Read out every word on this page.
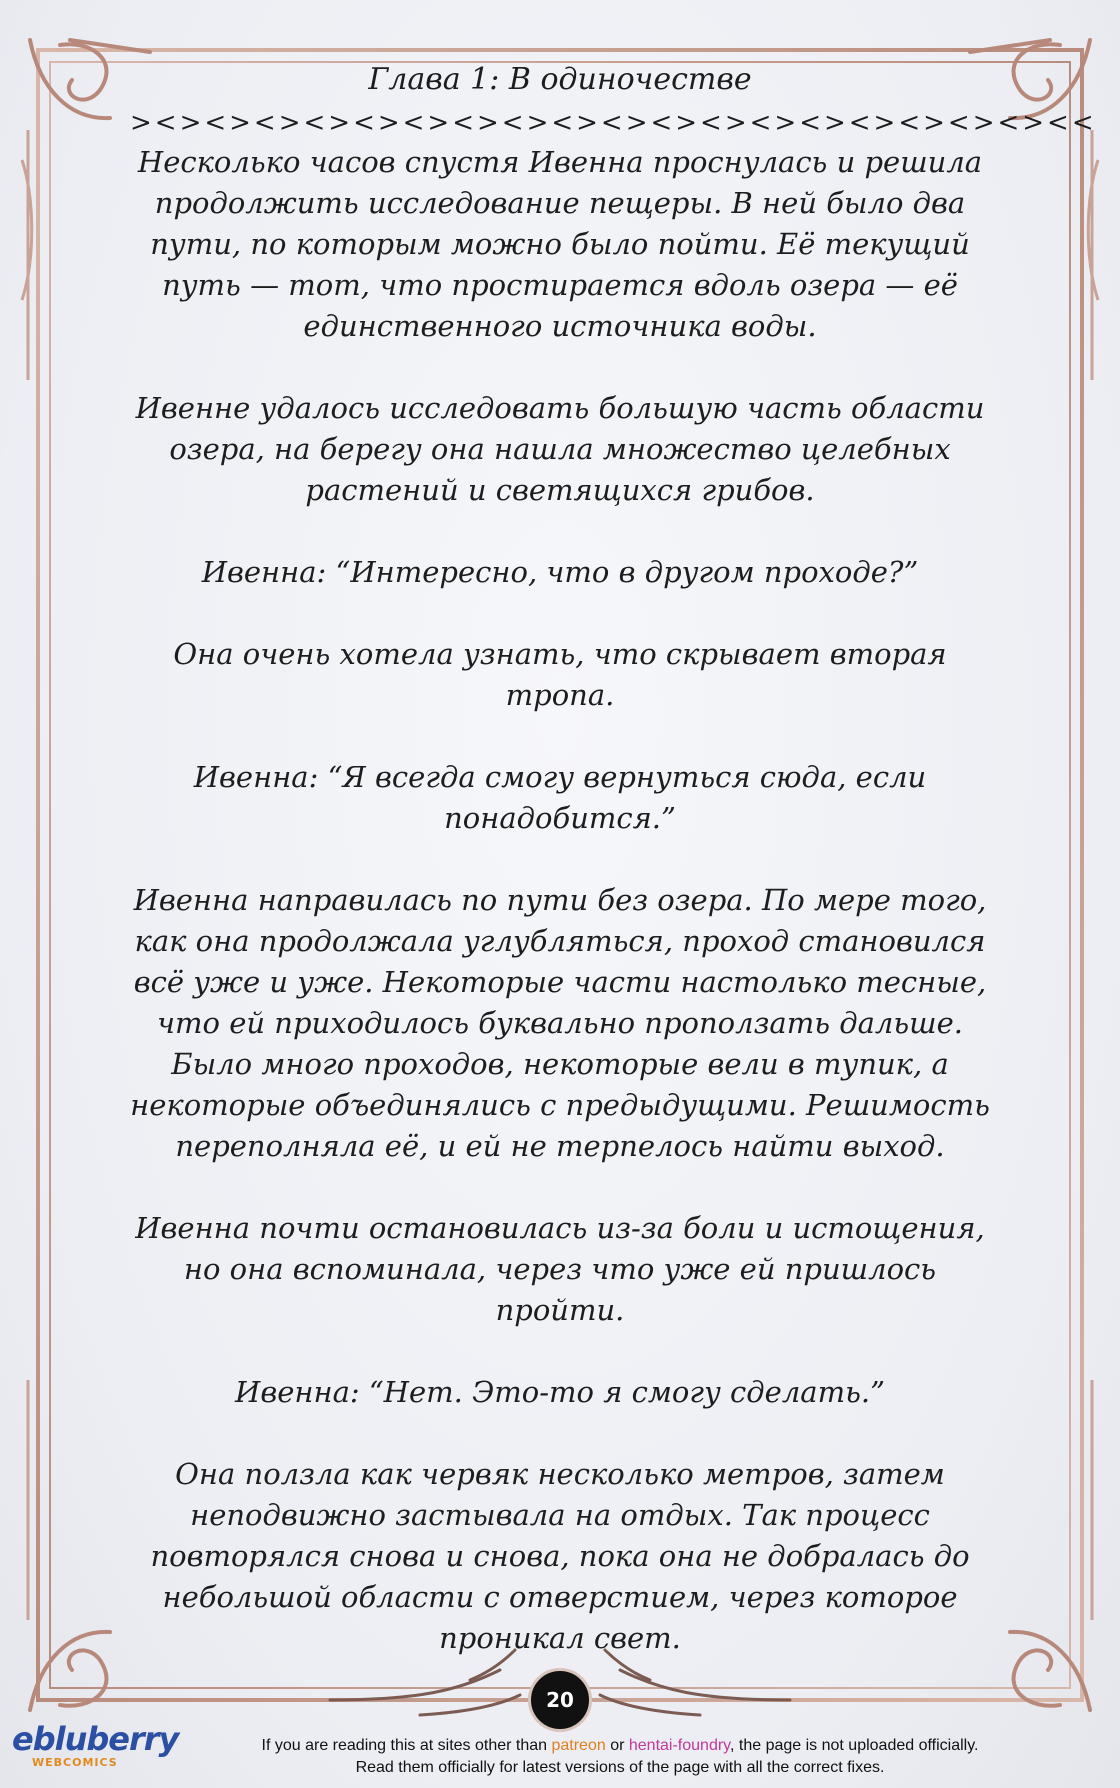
Глава 1: В одиночестве

><><><><><><><><><><><><><><><><><><><<

Несколько часов спустя Ивенна проснулась и решила
продолжить исследование пещеры. В ней было два
пути, по которым можно было пойти. Её текущий
путь — тот, что простирается вдоль озера — её
единственного источника воды.

Ивенне удалось исследовать большую часть области
озера, на берегу она нашла множество целебных
растений и светящихся грибов.

Ивенна: “Интересно, что в другом проходе?”

Она очень хотела узнать, что скрывает вторая
тропа.

Ивенна: “Я всегда смогу вернуться сюда, если
понадобится.”

Ивенна направилась по пути без озера. По мере того,
как она продолжала углубляться, проход становился
всё уже и уже. Некоторые части настолько тесные,
что ей приходилось буквально проползать дальше.
Было много проходов, некоторые вели в тупик, а
некоторые объединялись с предыдущими. Решимость
переполняла её, и ей не терпелось найти выход.

Ивенна почти остановилась из-за боли и истощения,
но она вспоминала, через что уже ей пришлось
пройти.

Ивенна: “Нет. Это-то я смогу сделать.”

Она ползла как червяк несколько метров, затем
неподвижно застывала на отдых. Так процесс
повторялся снова и снова, пока она не добралась до
небольшой области с отверстием, через которое
проникал свет.

20
ebluberry
WEBCOMICS
If you are reading this at sites other than patreon or hentai-foundry, the page is not uploaded officially.
Read them officially for latest versions of the page with all the correct fixes.
